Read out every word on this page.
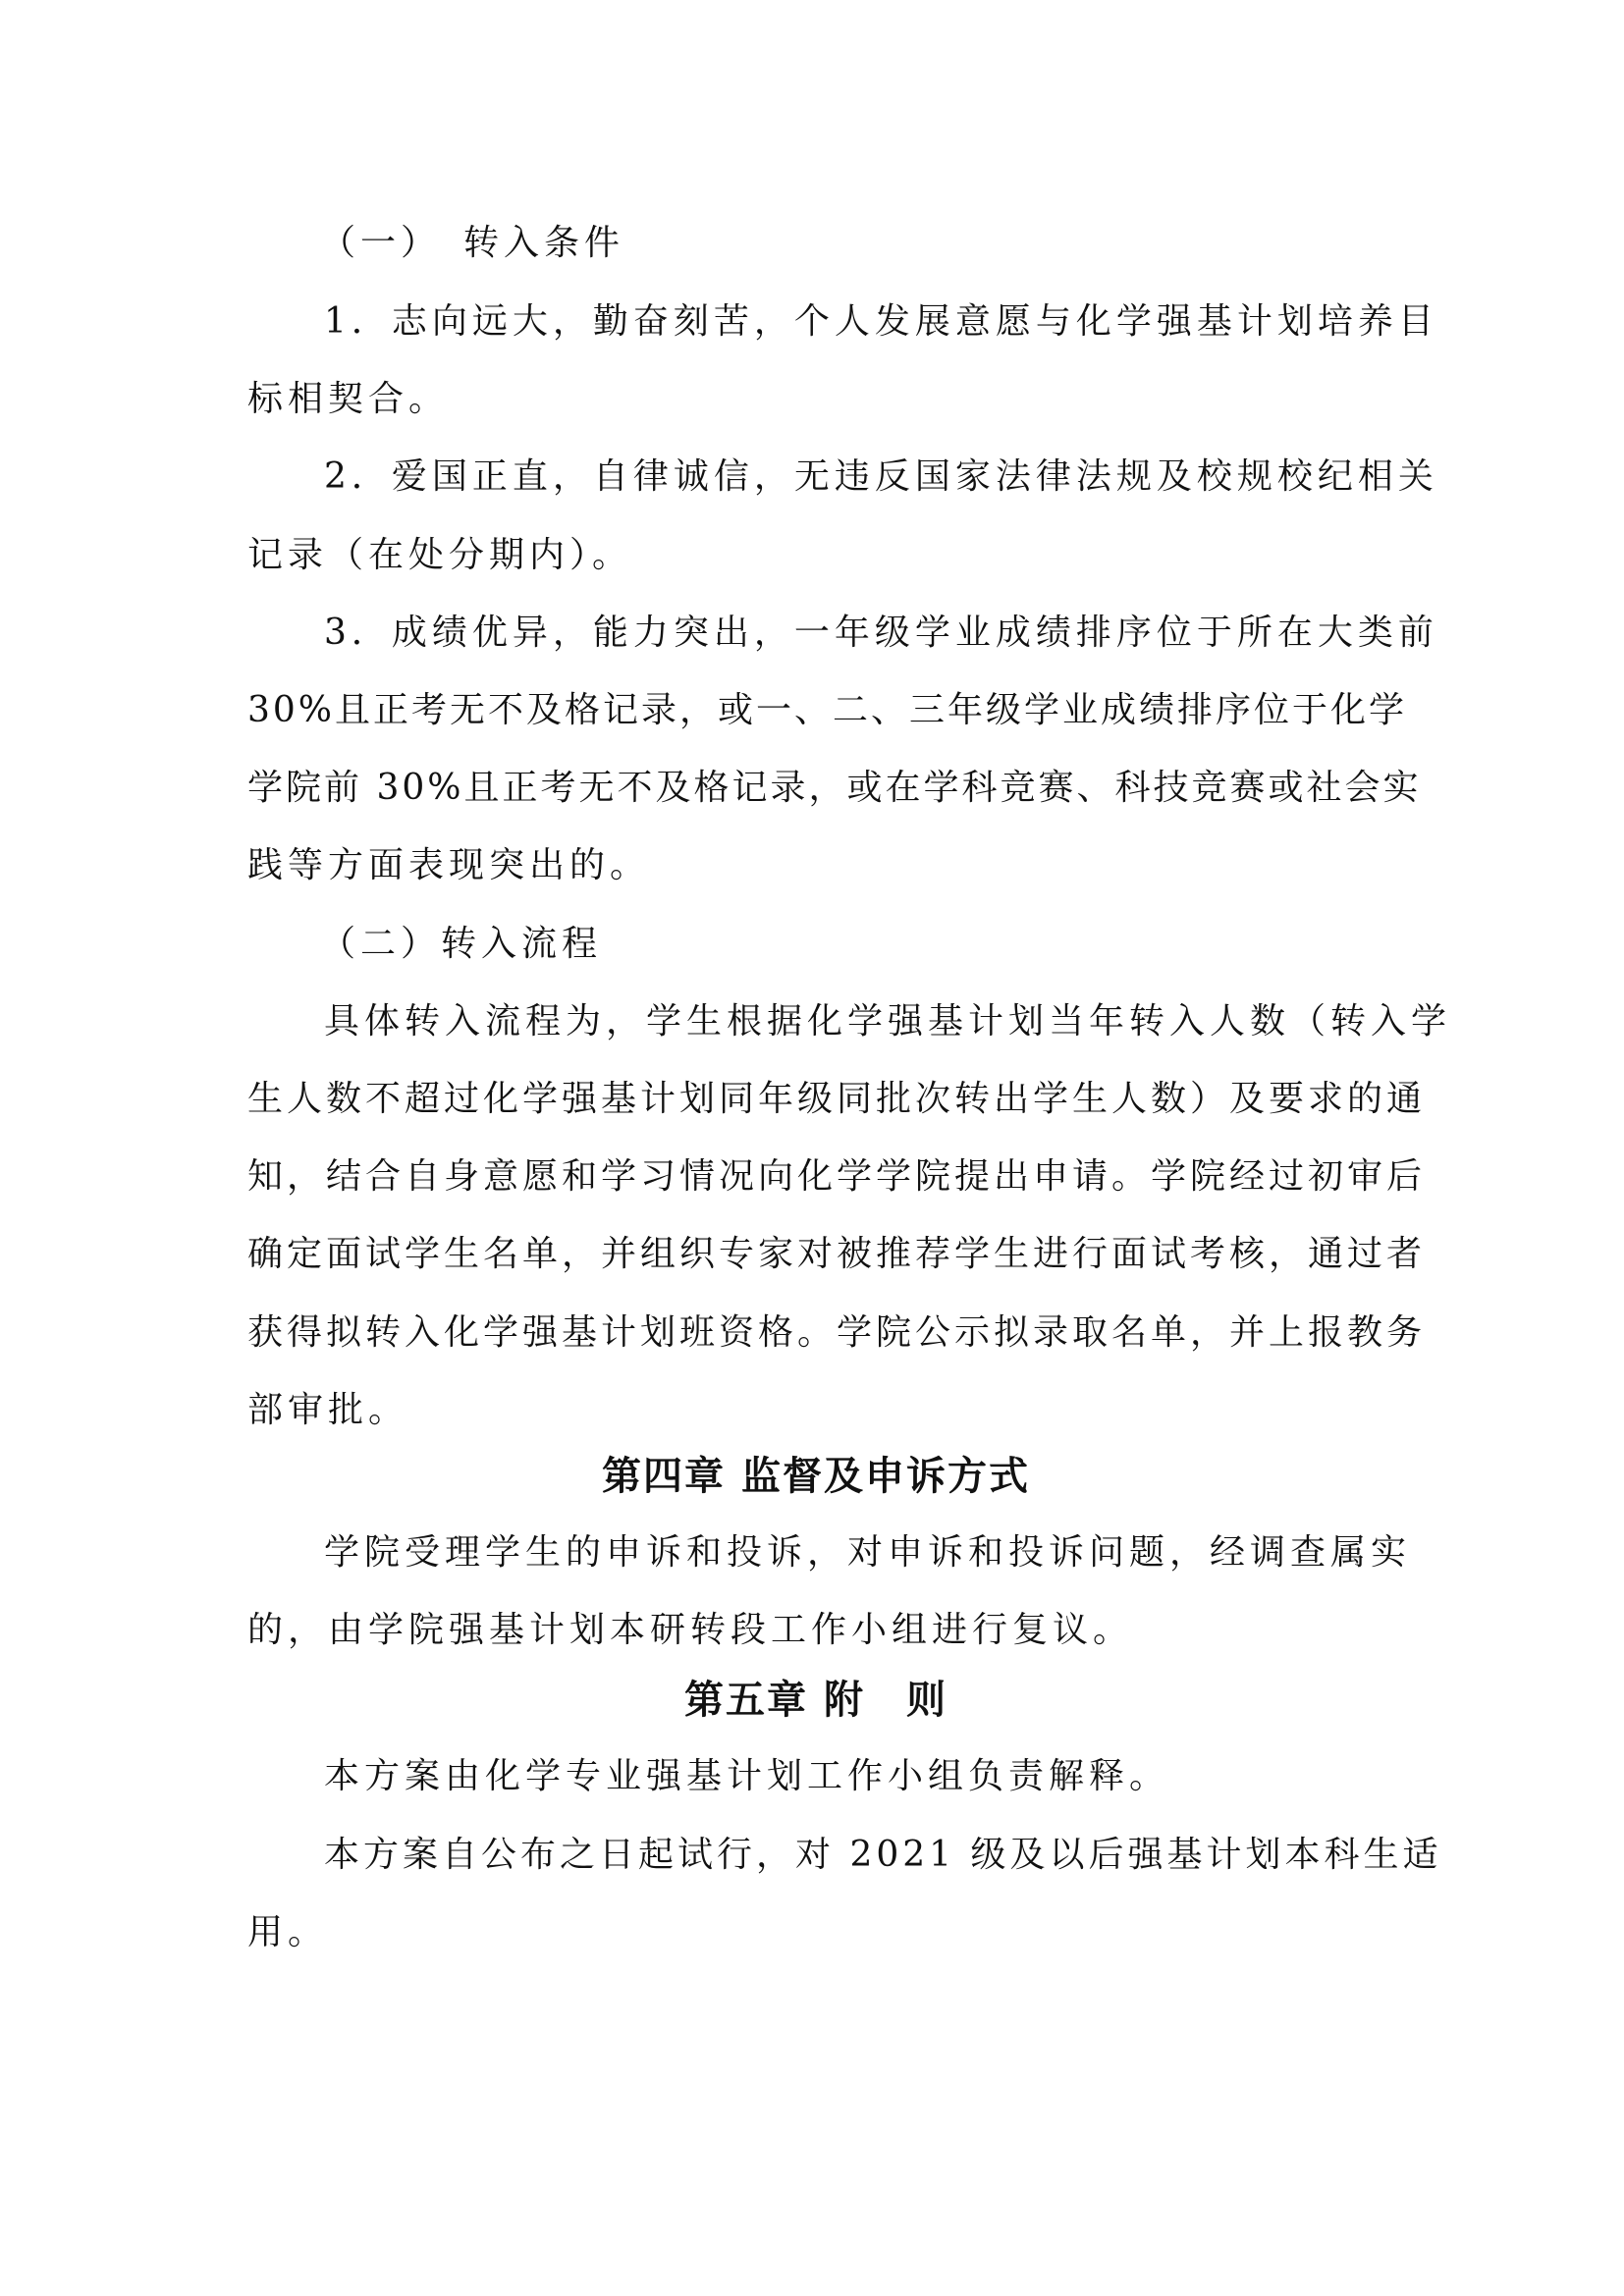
（一）　转入条件
1．志向远大，勤奋刻苦，个人发展意愿与化学强基计划培养目
标相契合。
2．爱国正直，自律诚信，无违反国家法律法规及校规校纪相关
记录（在处分期内）。
3．成绩优异，能力突出，一年级学业成绩排序位于所在大类前
30%且正考无不及格记录，或一、二、三年级学业成绩排序位于化学
学院前 30%且正考无不及格记录，或在学科竞赛、科技竞赛或社会实
践等方面表现突出的。
（二）转入流程
具体转入流程为，学生根据化学强基计划当年转入人数（转入学
生人数不超过化学强基计划同年级同批次转出学生人数）及要求的通
知，结合自身意愿和学习情况向化学学院提出申请。学院经过初审后
确定面试学生名单，并组织专家对被推荐学生进行面试考核，通过者
获得拟转入化学强基计划班资格。学院公示拟录取名单，并上报教务
部审批。
第四章 监督及申诉方式
学院受理学生的申诉和投诉，对申诉和投诉问题，经调查属实
的，由学院强基计划本研转段工作小组进行复议。
第五章 附　则
本方案由化学专业强基计划工作小组负责解释。
本方案自公布之日起试行，对 2021 级及以后强基计划本科生适
用。
